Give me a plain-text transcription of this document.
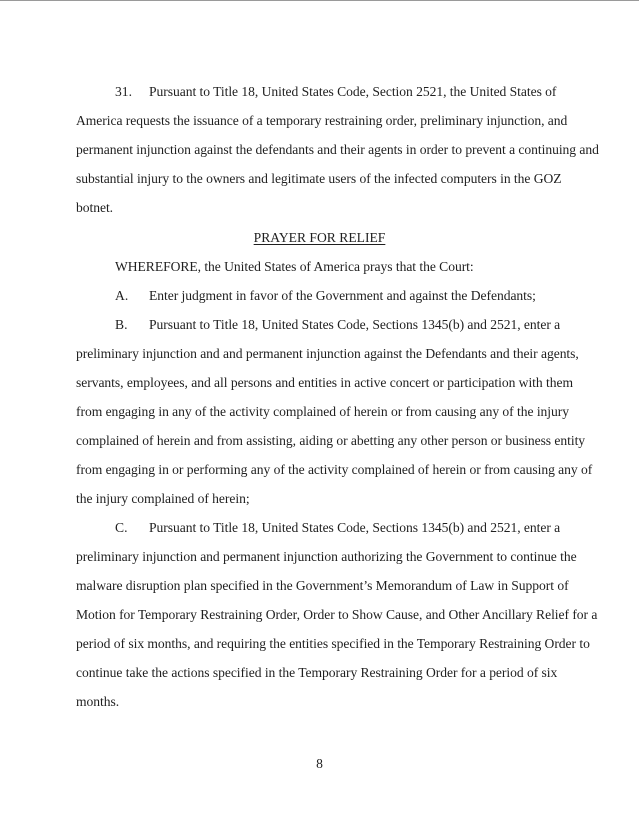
31. Pursuant to Title 18, United States Code, Section 2521, the United States of
America requests the issuance of a temporary restraining order, preliminary injunction, and
permanent injunction against the defendants and their agents in order to prevent a continuing and
substantial injury to the owners and legitimate users of the infected computers in the GOZ
botnet.
PRAYER FOR RELIEF
WHEREFORE, the United States of America prays that the Court:
A. Enter judgment in favor of the Government and against the Defendants;
B. Pursuant to Title 18, United States Code, Sections 1345(b) and 2521, enter a
preliminary injunction and and permanent injunction against the Defendants and their agents,
servants, employees, and all persons and entities in active concert or participation with them
from engaging in any of the activity complained of herein or from causing any of the injury
complained of herein and from assisting, aiding or abetting any other person or business entity
from engaging in or performing any of the activity complained of herein or from causing any of
the injury complained of herein;
C. Pursuant to Title 18, United States Code, Sections 1345(b) and 2521, enter a
preliminary injunction and permanent injunction authorizing the Government to continue the
malware disruption plan specified in the Government’s Memorandum of Law in Support of
Motion for Temporary Restraining Order, Order to Show Cause, and Other Ancillary Relief for a
period of six months, and requiring the entities specified in the Temporary Restraining Order to
continue take the actions specified in the Temporary Restraining Order for a period of six
months.
8
